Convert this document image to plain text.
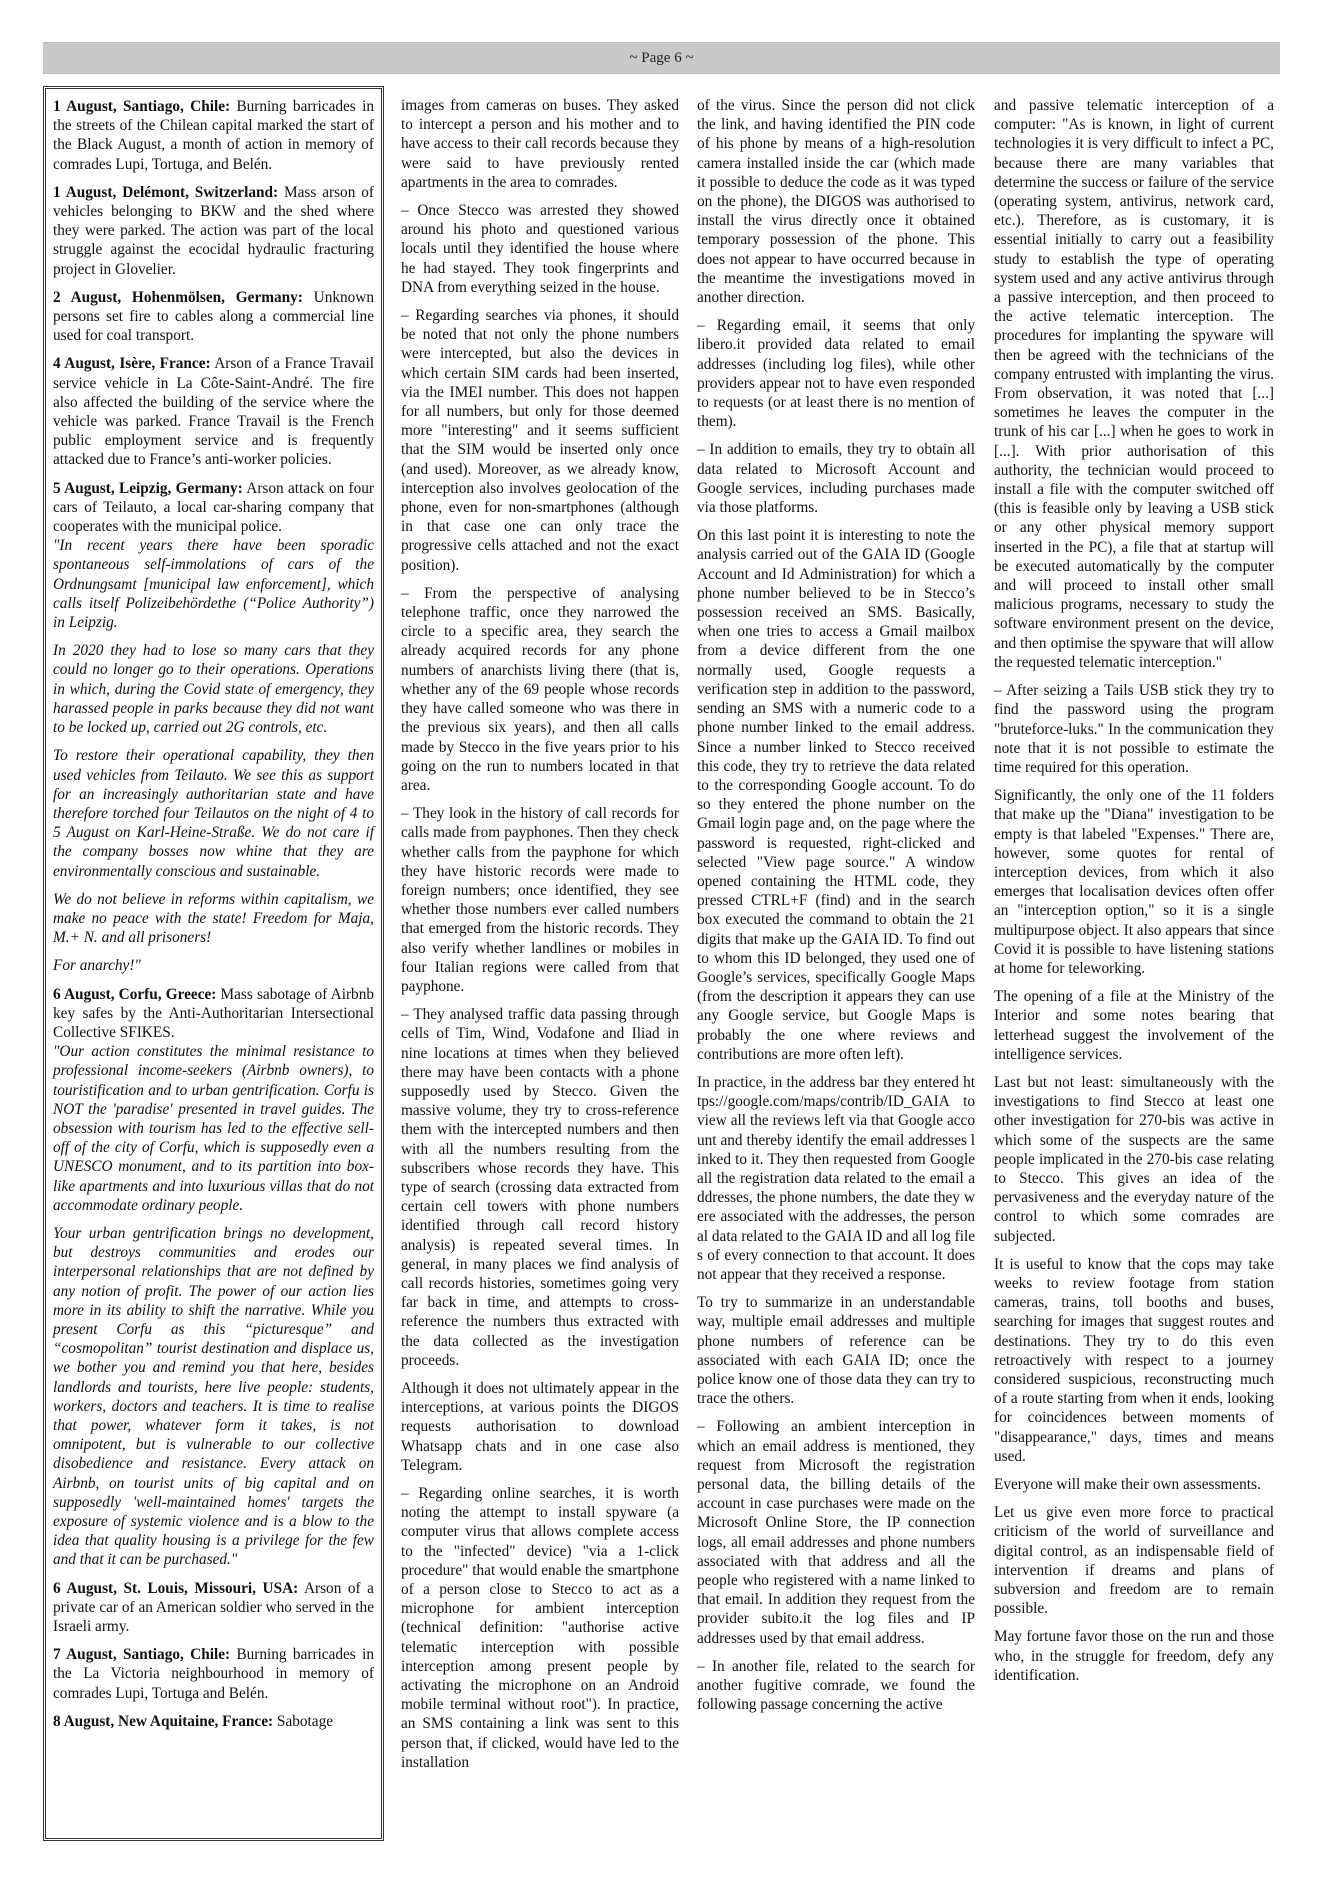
~ Page 6 ~

1 August, Santiago, Chile: Burning barricades in the streets of the Chilean capital marked the start of the Black August, a month of action in memory of comrades Lupi, Tortuga, and Belén.

1 August, Delémont, Switzerland: Mass arson of vehicles belonging to BKW and the shed where they were parked. The action was part of the local struggle against the ecocidal hydraulic fracturing project in Glovelier.

2 August, Hohenmölsen, Germany: Unknown persons set fire to cables along a commercial line used for coal transport.

4 August, Isère, France: Arson of a France Travail service vehicle in La Côte-Saint-André. The fire also affected the building of the service where the vehicle was parked. France Travail is the French public employment service and is frequently attacked due to France’s anti-worker policies.

5 August, Leipzig, Germany: Arson attack on four cars of Teilauto, a local car-sharing company that cooperates with the municipal police.

"In recent years there have been sporadic spontaneous self-immolations of cars of the Ordnungsamt [municipal law enforcement], which calls itself Polizeibehördethe (“Police Authority”) in Leipzig.

In 2020 they had to lose so many cars that they could no longer go to their operations. Operations in which, during the Covid state of emergency, they harassed people in parks because they did not want to be locked up, carried out 2G controls, etc.

To restore their operational capability, they then used vehicles from Teilauto. We see this as support for an increasingly authoritarian state and have therefore torched four Teilautos on the night of 4 to 5 August on Karl-Heine-Straße. We do not care if the company bosses now whine that they are environmentally conscious and sustainable.

We do not believe in reforms within capitalism, we make no peace with the state! Freedom for Maja, M.+ N. and all prisoners!

For anarchy!"

6 August, Corfu, Greece: Mass sabotage of Airbnb key safes by the Anti-Authoritarian Intersectional Collective SFIKES.

"Our action constitutes the minimal resistance to professional income-seekers (Airbnb owners), to touristification and to urban gentrification. Corfu is NOT the 'paradise' presented in travel guides. The obsession with tourism has led to the effective sell-off of the city of Corfu, which is supposedly even a UNESCO monument, and to its partition into box-like apartments and into luxurious villas that do not accommodate ordinary people.

Your urban gentrification brings no development, but destroys communities and erodes our interpersonal relationships that are not defined by any notion of profit. The power of our action lies more in its ability to shift the narrative. While you present Corfu as this “picturesque” and “cosmopolitan” tourist destination and displace us, we bother you and remind you that here, besides landlords and tourists, here live people: students, workers, doctors and teachers. It is time to realise that power, whatever form it takes, is not omnipotent, but is vulnerable to our collective disobedience and resistance. Every attack on Airbnb, on tourist units of big capital and on supposedly 'well-maintained homes' targets the exposure of systemic violence and is a blow to the idea that quality housing is a privilege for the few and that it can be purchased."

6 August, St. Louis, Missouri, USA: Arson of a private car of an American soldier who served in the Israeli army.

7 August, Santiago, Chile: Burning barricades in the La Victoria neighbourhood in memory of comrades Lupi, Tortuga and Belén.

8 August, New Aquitaine, France: Sabotage

images from cameras on buses. They asked to intercept a person and his mother and to have access to their call records because they were said to have previously rented apartments in the area to comrades.

– Once Stecco was arrested they showed around his photo and questioned various locals until they identified the house where he had stayed. They took fingerprints and DNA from everything seized in the house.

– Regarding searches via phones, it should be noted that not only the phone numbers were intercepted, but also the devices in which certain SIM cards had been inserted, via the IMEI number. This does not happen for all numbers, but only for those deemed more "interesting" and it seems sufficient that the SIM would be inserted only once (and used). Moreover, as we already know, interception also involves geolocation of the phone, even for non-smartphones (although in that case one can only trace the progressive cells attached and not the exact position).

– From the perspective of analysing telephone traffic, once they narrowed the circle to a specific area, they search the already acquired records for any phone numbers of anarchists living there (that is, whether any of the 69 people whose records they have called someone who was there in the previous six years), and then all calls made by Stecco in the five years prior to his going on the run to numbers located in that area.

– They look in the history of call records for calls made from payphones. Then they check whether calls from the payphone for which they have historic records were made to foreign numbers; once identified, they see whether those numbers ever called numbers that emerged from the historic records. They also verify whether landlines or mobiles in four Italian regions were called from that payphone.

– They analysed traffic data passing through cells of Tim, Wind, Vodafone and Iliad in nine locations at times when they believed there may have been contacts with a phone supposedly used by Stecco. Given the massive volume, they try to cross-reference them with the intercepted numbers and then with all the numbers resulting from the subscribers whose records they have. This type of search (crossing data extracted from certain cell towers with phone numbers identified through call record history analysis) is repeated several times. In general, in many places we find analysis of call records histories, sometimes going very far back in time, and attempts to cross-reference the numbers thus extracted with the data collected as the investigation proceeds.

Although it does not ultimately appear in the interceptions, at various points the DIGOS requests authorisation to download Whatsapp chats and in one case also Telegram.

– Regarding online searches, it is worth noting the attempt to install spyware (a computer virus that allows complete access to the "infected" device) "via a 1-click procedure" that would enable the smartphone of a person close to Stecco to act as a microphone for ambient interception (technical definition: "authorise active telematic interception with possible interception among present people by activating the microphone on an Android mobile terminal without root"). In practice, an SMS containing a link was sent to this person that, if clicked, would have led to the installation

of the virus. Since the person did not click the link, and having identified the PIN code of his phone by means of a high-resolution camera installed inside the car (which made it possible to deduce the code as it was typed on the phone), the DIGOS was authorised to install the virus directly once it obtained temporary possession of the phone. This does not appear to have occurred because in the meantime the investigations moved in another direction.

– Regarding email, it seems that only libero.it provided data related to email addresses (including log files), while other providers appear not to have even responded to requests (or at least there is no mention of them).

– In addition to emails, they try to obtain all data related to Microsoft Account and Google services, including purchases made via those platforms.

On this last point it is interesting to note the analysis carried out of the GAIA ID (Google Account and Id Administration) for which a phone number believed to be in Stecco’s possession received an SMS. Basically, when one tries to access a Gmail mailbox from a device different from the one normally used, Google requests a verification step in addition to the password, sending an SMS with a numeric code to a phone number linked to the email address. Since a number linked to Stecco received this code, they try to retrieve the data related to the corresponding Google account. To do so they entered the phone number on the Gmail login page and, on the page where the password is requested, right-clicked and selected "View page source." A window opened containing the HTML code, they pressed CTRL+F (find) and in the search box executed the command to obtain the 21 digits that make up the GAIA ID. To find out to whom this ID belonged, they used one of Google’s services, specifically Google Maps (from the description it appears they can use any Google service, but Google Maps is probably the one where reviews and contributions are more often left).

In practice, in the address bar they entered https://google.com/maps/contrib/ID_GAIA to view all the reviews left via that Google account and thereby identify the email addresses linked to it. They then requested from Google all the registration data related to the email addresses, the phone numbers, the date they were associated with the addresses, the personal data related to the GAIA ID and all log files of every connection to that account. It does not appear that they received a response.

To try to summarize in an understandable way, multiple email addresses and multiple phone numbers of reference can be associated with each GAIA ID; once the police know one of those data they can try to trace the others.

– Following an ambient interception in which an email address is mentioned, they request from Microsoft the registration personal data, the billing details of the account in case purchases were made on the Microsoft Online Store, the IP connection logs, all email addresses and phone numbers associated with that address and all the people who registered with a name linked to that email. In addition they request from the provider subito.it the log files and IP addresses used by that email address.

– In another file, related to the search for another fugitive comrade, we found the following passage concerning the active

and passive telematic interception of a computer: "As is known, in light of current technologies it is very difficult to infect a PC, because there are many variables that determine the success or failure of the service (operating system, antivirus, network card, etc.). Therefore, as is customary, it is essential initially to carry out a feasibility study to establish the type of operating system used and any active antivirus through a passive interception, and then proceed to the active telematic interception. The procedures for implanting the spyware will then be agreed with the technicians of the company entrusted with implanting the virus. From observation, it was noted that [...] sometimes he leaves the computer in the trunk of his car [...] when he goes to work in [...]. With prior authorisation of this authority, the technician would proceed to install a file with the computer switched off (this is feasible only by leaving a USB stick or any other physical memory support inserted in the PC), a file that at startup will be executed automatically by the computer and will proceed to install other small malicious programs, necessary to study the software environment present on the device, and then optimise the spyware that will allow the requested telematic interception."

– After seizing a Tails USB stick they try to find the password using the program "bruteforce-luks." In the communication they note that it is not possible to estimate the time required for this operation.

Significantly, the only one of the 11 folders that make up the "Diana" investigation to be empty is that labeled "Expenses." There are, however, some quotes for rental of interception devices, from which it also emerges that localisation devices often offer an "interception option," so it is a single multipurpose object. It also appears that since Covid it is possible to have listening stations at home for teleworking.

The opening of a file at the Ministry of the Interior and some notes bearing that letterhead suggest the involvement of the intelligence services.

Last but not least: simultaneously with the investigations to find Stecco at least one other investigation for 270-bis was active in which some of the suspects are the same people implicated in the 270-bis case relating to Stecco. This gives an idea of the pervasiveness and the everyday nature of the control to which some comrades are subjected.

It is useful to know that the cops may take weeks to review footage from station cameras, trains, toll booths and buses, searching for images that suggest routes and destinations. They try to do this even retroactively with respect to a journey considered suspicious, reconstructing much of a route starting from when it ends, looking for coincidences between moments of "disappearance," days, times and means used.

Everyone will make their own assessments.

Let us give even more force to practical criticism of the world of surveillance and digital control, as an indispensable field of intervention if dreams and plans of subversion and freedom are to remain possible.

May fortune favor those on the run and those who, in the struggle for freedom, defy any identification.
